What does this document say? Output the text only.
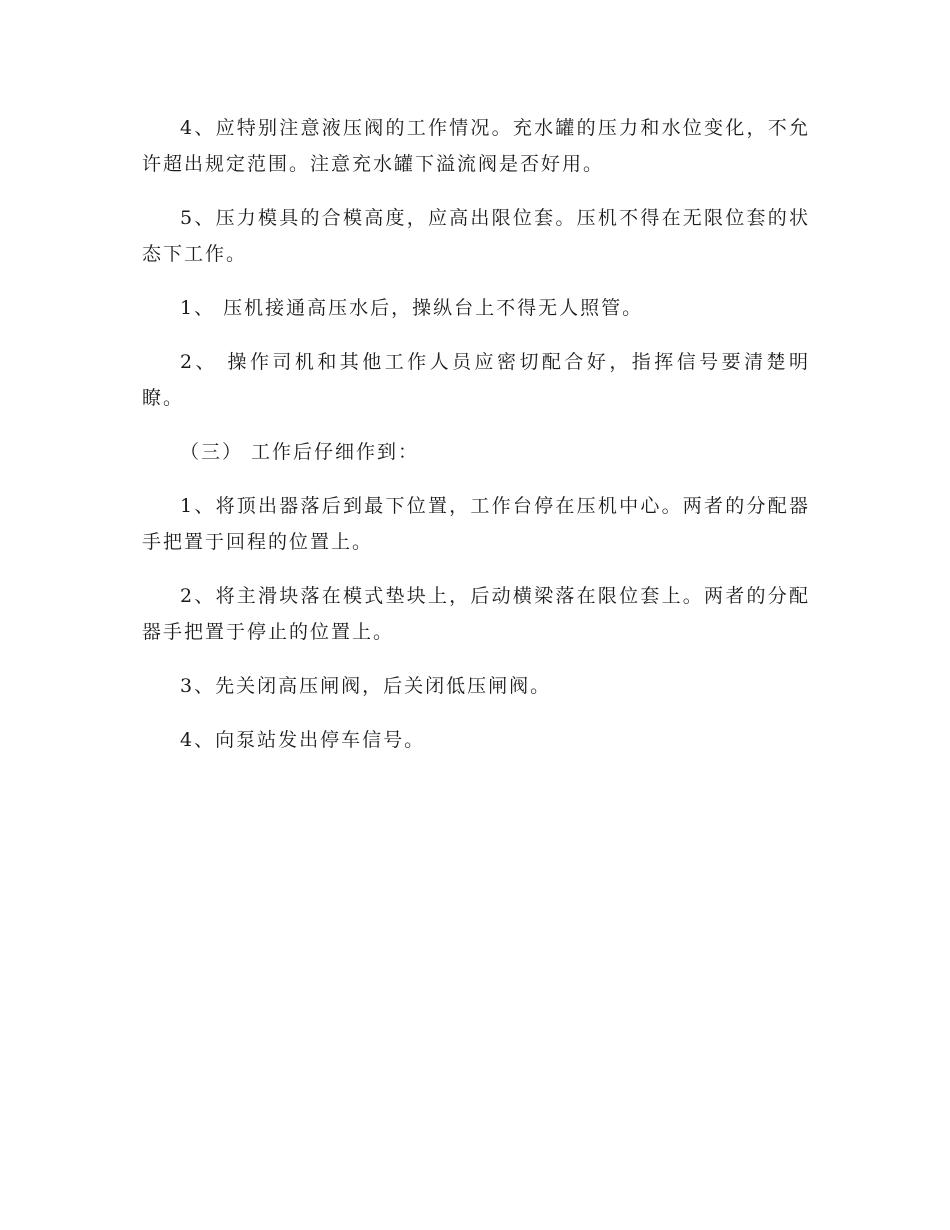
4、应特别注意液压阀的工作情况。充水罐的压力和水位变化，不允许超出规定范围。注意充水罐下溢流阀是否好用。

5、压力模具的合模高度，应高出限位套。压机不得在无限位套的状态下工作。

1、 压机接通高压水后，操纵台上不得无人照管。

2、 操作司机和其他工作人员应密切配合好，指挥信号要清楚明瞭。

（三） 工作后仔细作到：

1、将顶出器落后到最下位置，工作台停在压机中心。两者的分配器手把置于回程的位置上。

2、将主滑块落在模式垫块上，后动横梁落在限位套上。两者的分配器手把置于停止的位置上。

3、先关闭高压闸阀，后关闭低压闸阀。

4、向泵站发出停车信号。
